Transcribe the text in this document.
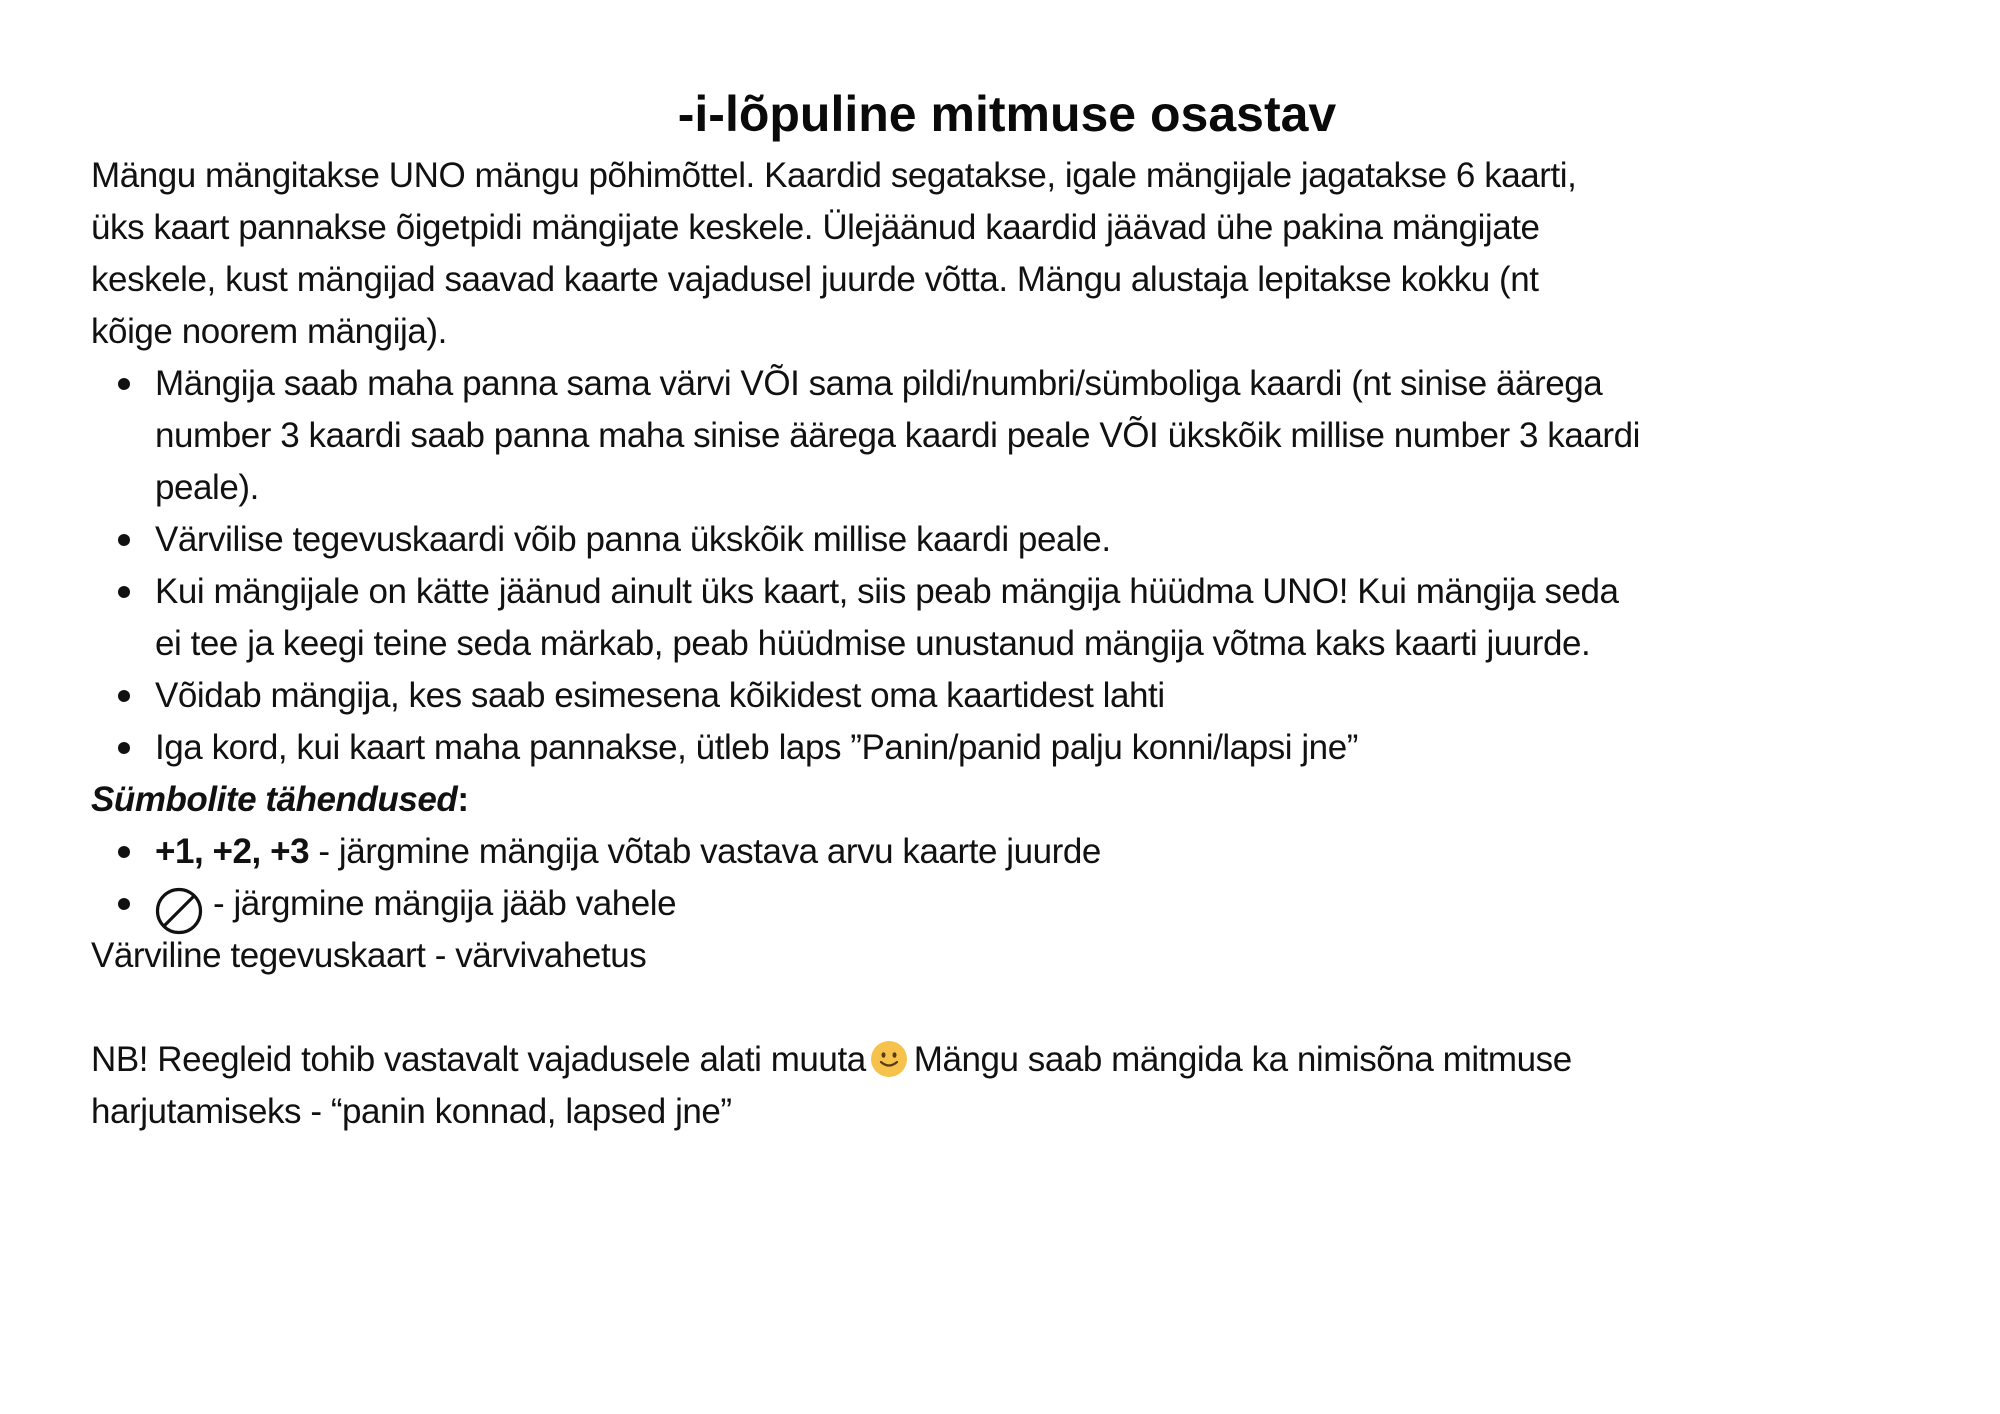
-i-lõpuline mitmuse osastav

Mängu mängitakse UNO mängu põhimõttel. Kaardid segatakse, igale mängijale jagatakse 6 kaarti,
üks kaart pannakse õigetpidi mängijate keskele. Ülejäänud kaardid jäävad ühe pakina mängijate
keskele, kust mängijad saavad kaarte vajadusel juurde võtta. Mängu alustaja lepitakse kokku (nt
kõige noorem mängija).

Mängija saab maha panna sama värvi VÕI sama pildi/numbri/sümboliga kaardi (nt sinise äärega
number 3 kaardi saab panna maha sinise äärega kaardi peale VÕI ükskõik millise number 3 kaardi
peale).
Värvilise tegevuskaardi võib panna ükskõik millise kaardi peale.
Kui mängijale on kätte jäänud ainult üks kaart, siis peab mängija hüüdma UNO! Kui mängija seda
ei tee ja keegi teine seda märkab, peab hüüdmise unustanud mängija võtma kaks kaarti juurde.
Võidab mängija, kes saab esimesena kõikidest oma kaartidest lahti
Iga kord, kui kaart maha pannakse, ütleb laps ”Panin/panid palju konni/lapsi jne”
Sümbolite tähendused:
+1, +2, +3 - järgmine mängija võtab vastava arvu kaarte juurde
- järgmine mängija jääb vahele
Värviline tegevuskaart - värvivahetus

NB! Reegleid tohib vastavalt vajadusele alati muuta Mängu saab mängida ka nimisõna mitmuse
harjutamiseks - “panin konnad, lapsed jne”
